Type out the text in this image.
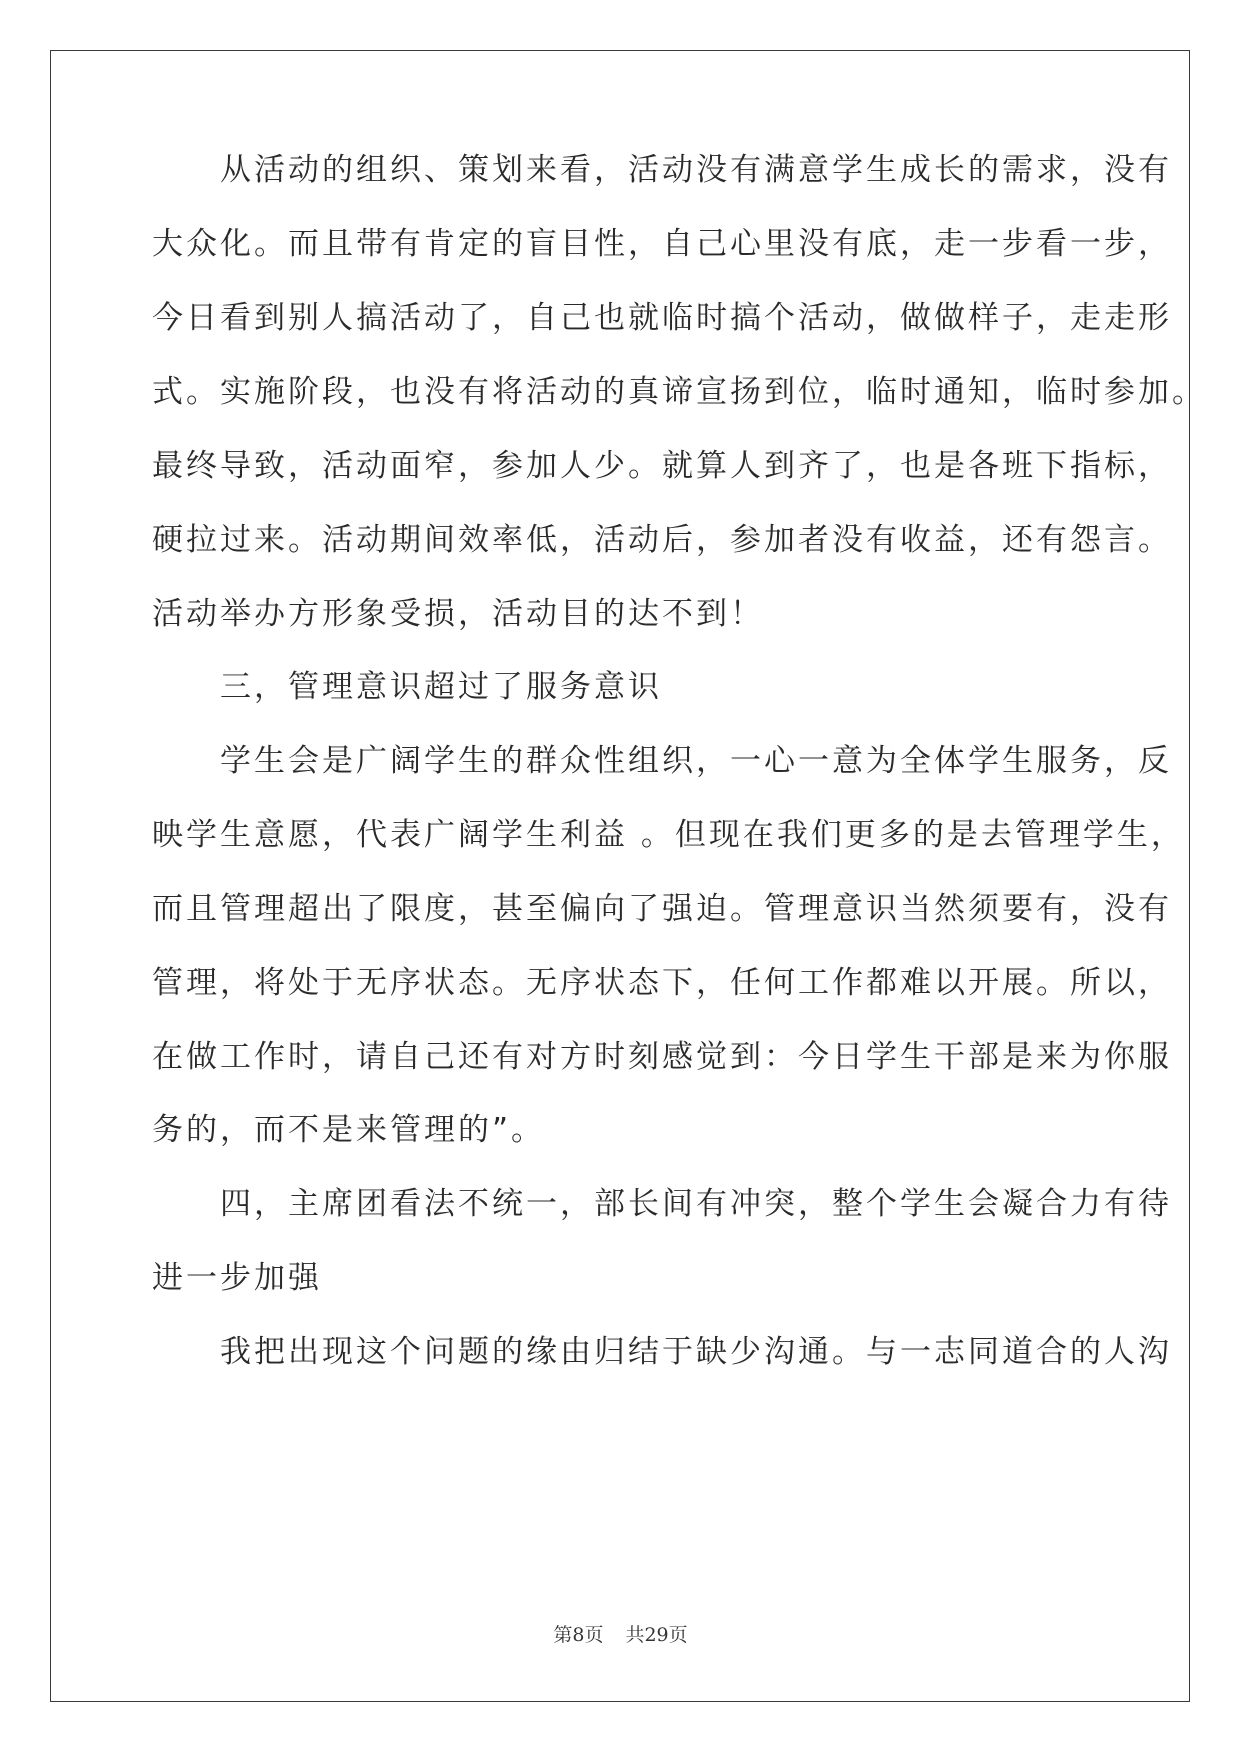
　　从活动的组织、策划来看，活动没有满意学生成长的需求，没有
大众化。而且带有肯定的盲目性，自己心里没有底，走一步看一步，
今日看到别人搞活动了，自己也就临时搞个活动，做做样子，走走形
式。实施阶段，也没有将活动的真谛宣扬到位，临时通知，临时参加。
最终导致，活动面窄，参加人少。就算人到齐了，也是各班下指标，
硬拉过来。活动期间效率低，活动后，参加者没有收益，还有怨言。
活动举办方形象受损，活动目的达不到！
　　三，管理意识超过了服务意识
　　学生会是广阔学生的群众性组织，一心一意为全体学生服务，反
映学生意愿，代表广阔学生利益 。但现在我们更多的是去管理学生，
而且管理超出了限度，甚至偏向了强迫。管理意识当然须要有，没有
管理，将处于无序状态。无序状态下，任何工作都难以开展。所以，
在做工作时，请自己还有对方时刻感觉到：今日学生干部是来为你服
务的，而不是来管理的”。
　　四，主席团看法不统一，部长间有冲突，整个学生会凝合力有待
进一步加强
　　我把出现这个问题的缘由归结于缺少沟通。与一志同道合的人沟
第8页 共29页
